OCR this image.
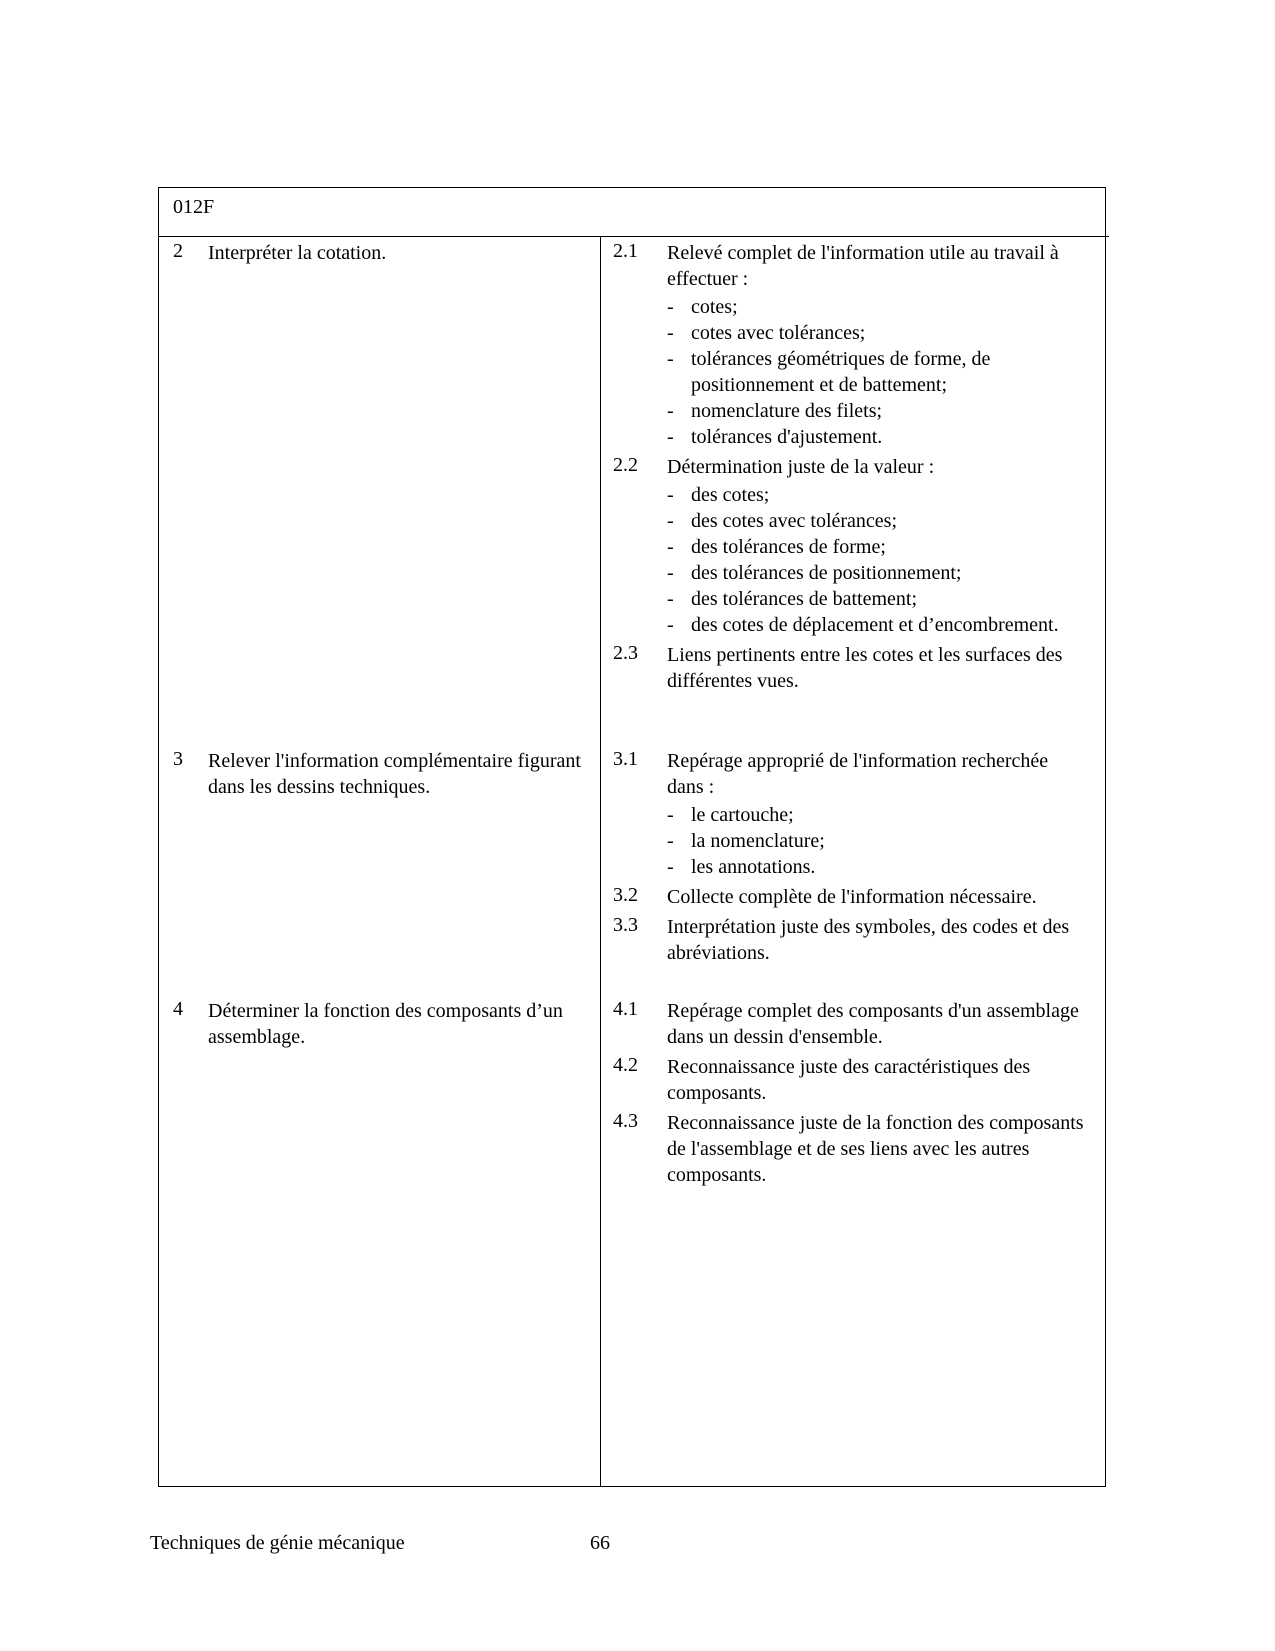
012F
2 Interpréter la cotation.	2.1 Relevé complet de l'information utile au travail à effectuer :
- cotes;
- cotes avec tolérances;
- tolérances géométriques de forme, de positionnement et de battement;
- nomenclature des filets;
- tolérances d'ajustement.
2.2 Détermination juste de la valeur :
- des cotes;
- des cotes avec tolérances;
- des tolérances de forme;
- des tolérances de positionnement;
- des tolérances de battement;
- des cotes de déplacement et d’encombrement.
2.3 Liens pertinents entre les cotes et les surfaces des différentes vues.
3 Relever l'information complémentaire figurant dans les dessins techniques.
3.1 Repérage approprié de l'information recherchée dans :
- le cartouche;
- la nomenclature;
- les annotations.
3.2 Collecte complète de l'information nécessaire.
3.3 Interprétation juste des symboles, des codes et des abréviations.
4 Déterminer la fonction des composants d’un assemblage.
4.1 Repérage complet des composants d'un assemblage dans un dessin d'ensemble.
4.2 Reconnaissance juste des caractéristiques des composants.
4.3 Reconnaissance juste de la fonction des composants de l'assemblage et de ses liens avec les autres composants.
Techniques de génie mécanique	66
